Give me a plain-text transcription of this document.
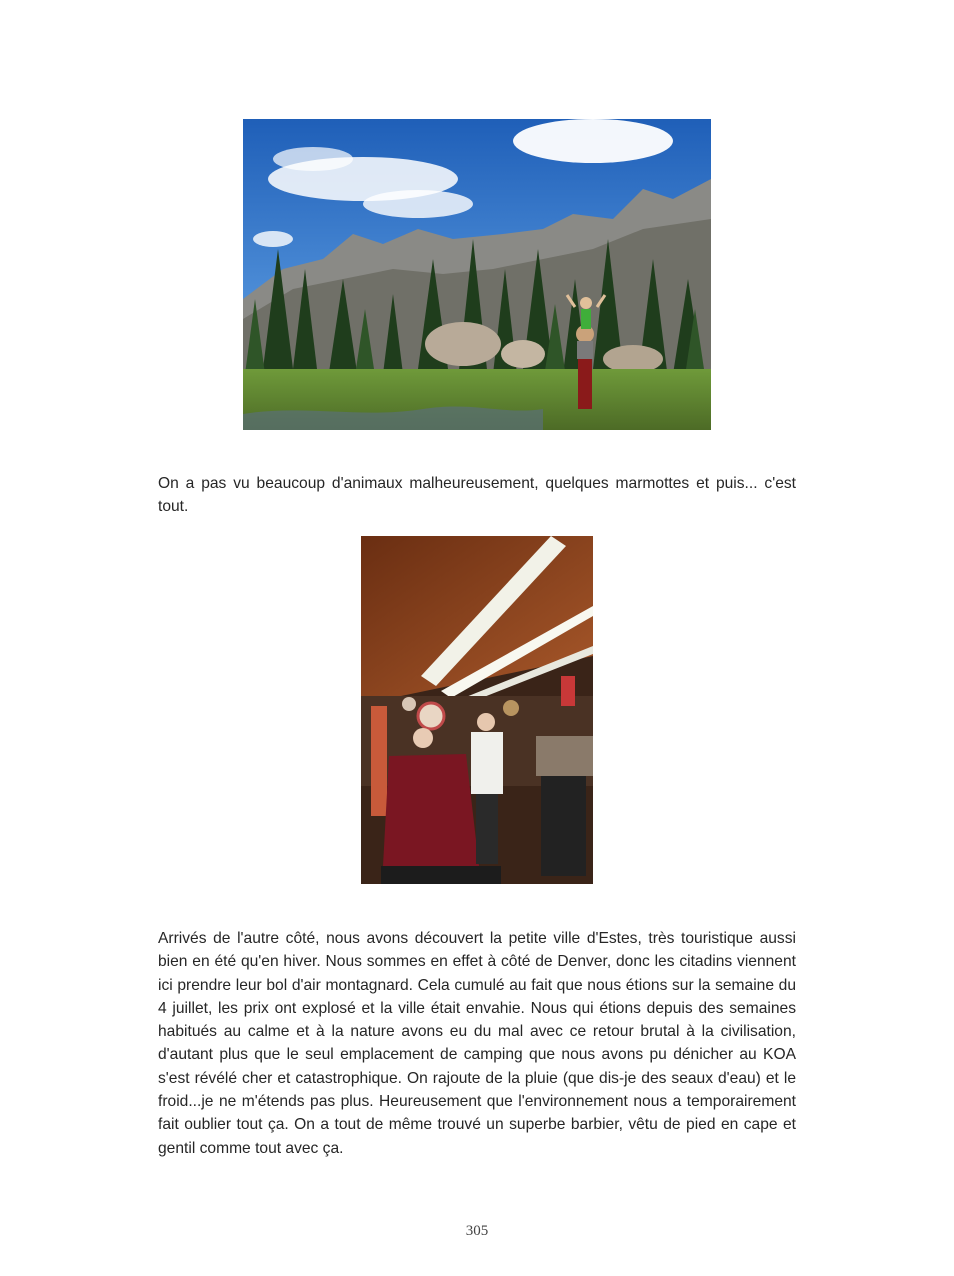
On a pas vu beaucoup d'animaux malheureusement, quelques marmottes et puis... c'est tout.

Arrivés de l'autre côté, nous avons découvert la petite ville d'Estes, très touristique aussi bien en été qu'en hiver. Nous sommes en effet à côté de Denver, donc les citadins viennent ici prendre leur bol d'air montagnard. Cela cumulé au fait que nous étions sur la semaine du 4 juillet, les prix ont explosé et la ville était envahie. Nous qui étions depuis des semaines habitués au calme et à la nature avons eu du mal avec ce retour brutal à la civilisation, d'autant plus que le seul emplacement de camping que nous avons pu dénicher au KOA s'est révélé cher et catastrophique. On rajoute de la pluie (que dis-je des seaux d'eau) et le froid...je ne m'étends pas plus. Heureusement que l'environnement nous a temporairement fait oublier tout ça. On a tout de même trouvé un superbe barbier, vêtu de pied en cape et gentil comme tout avec ça.

305
